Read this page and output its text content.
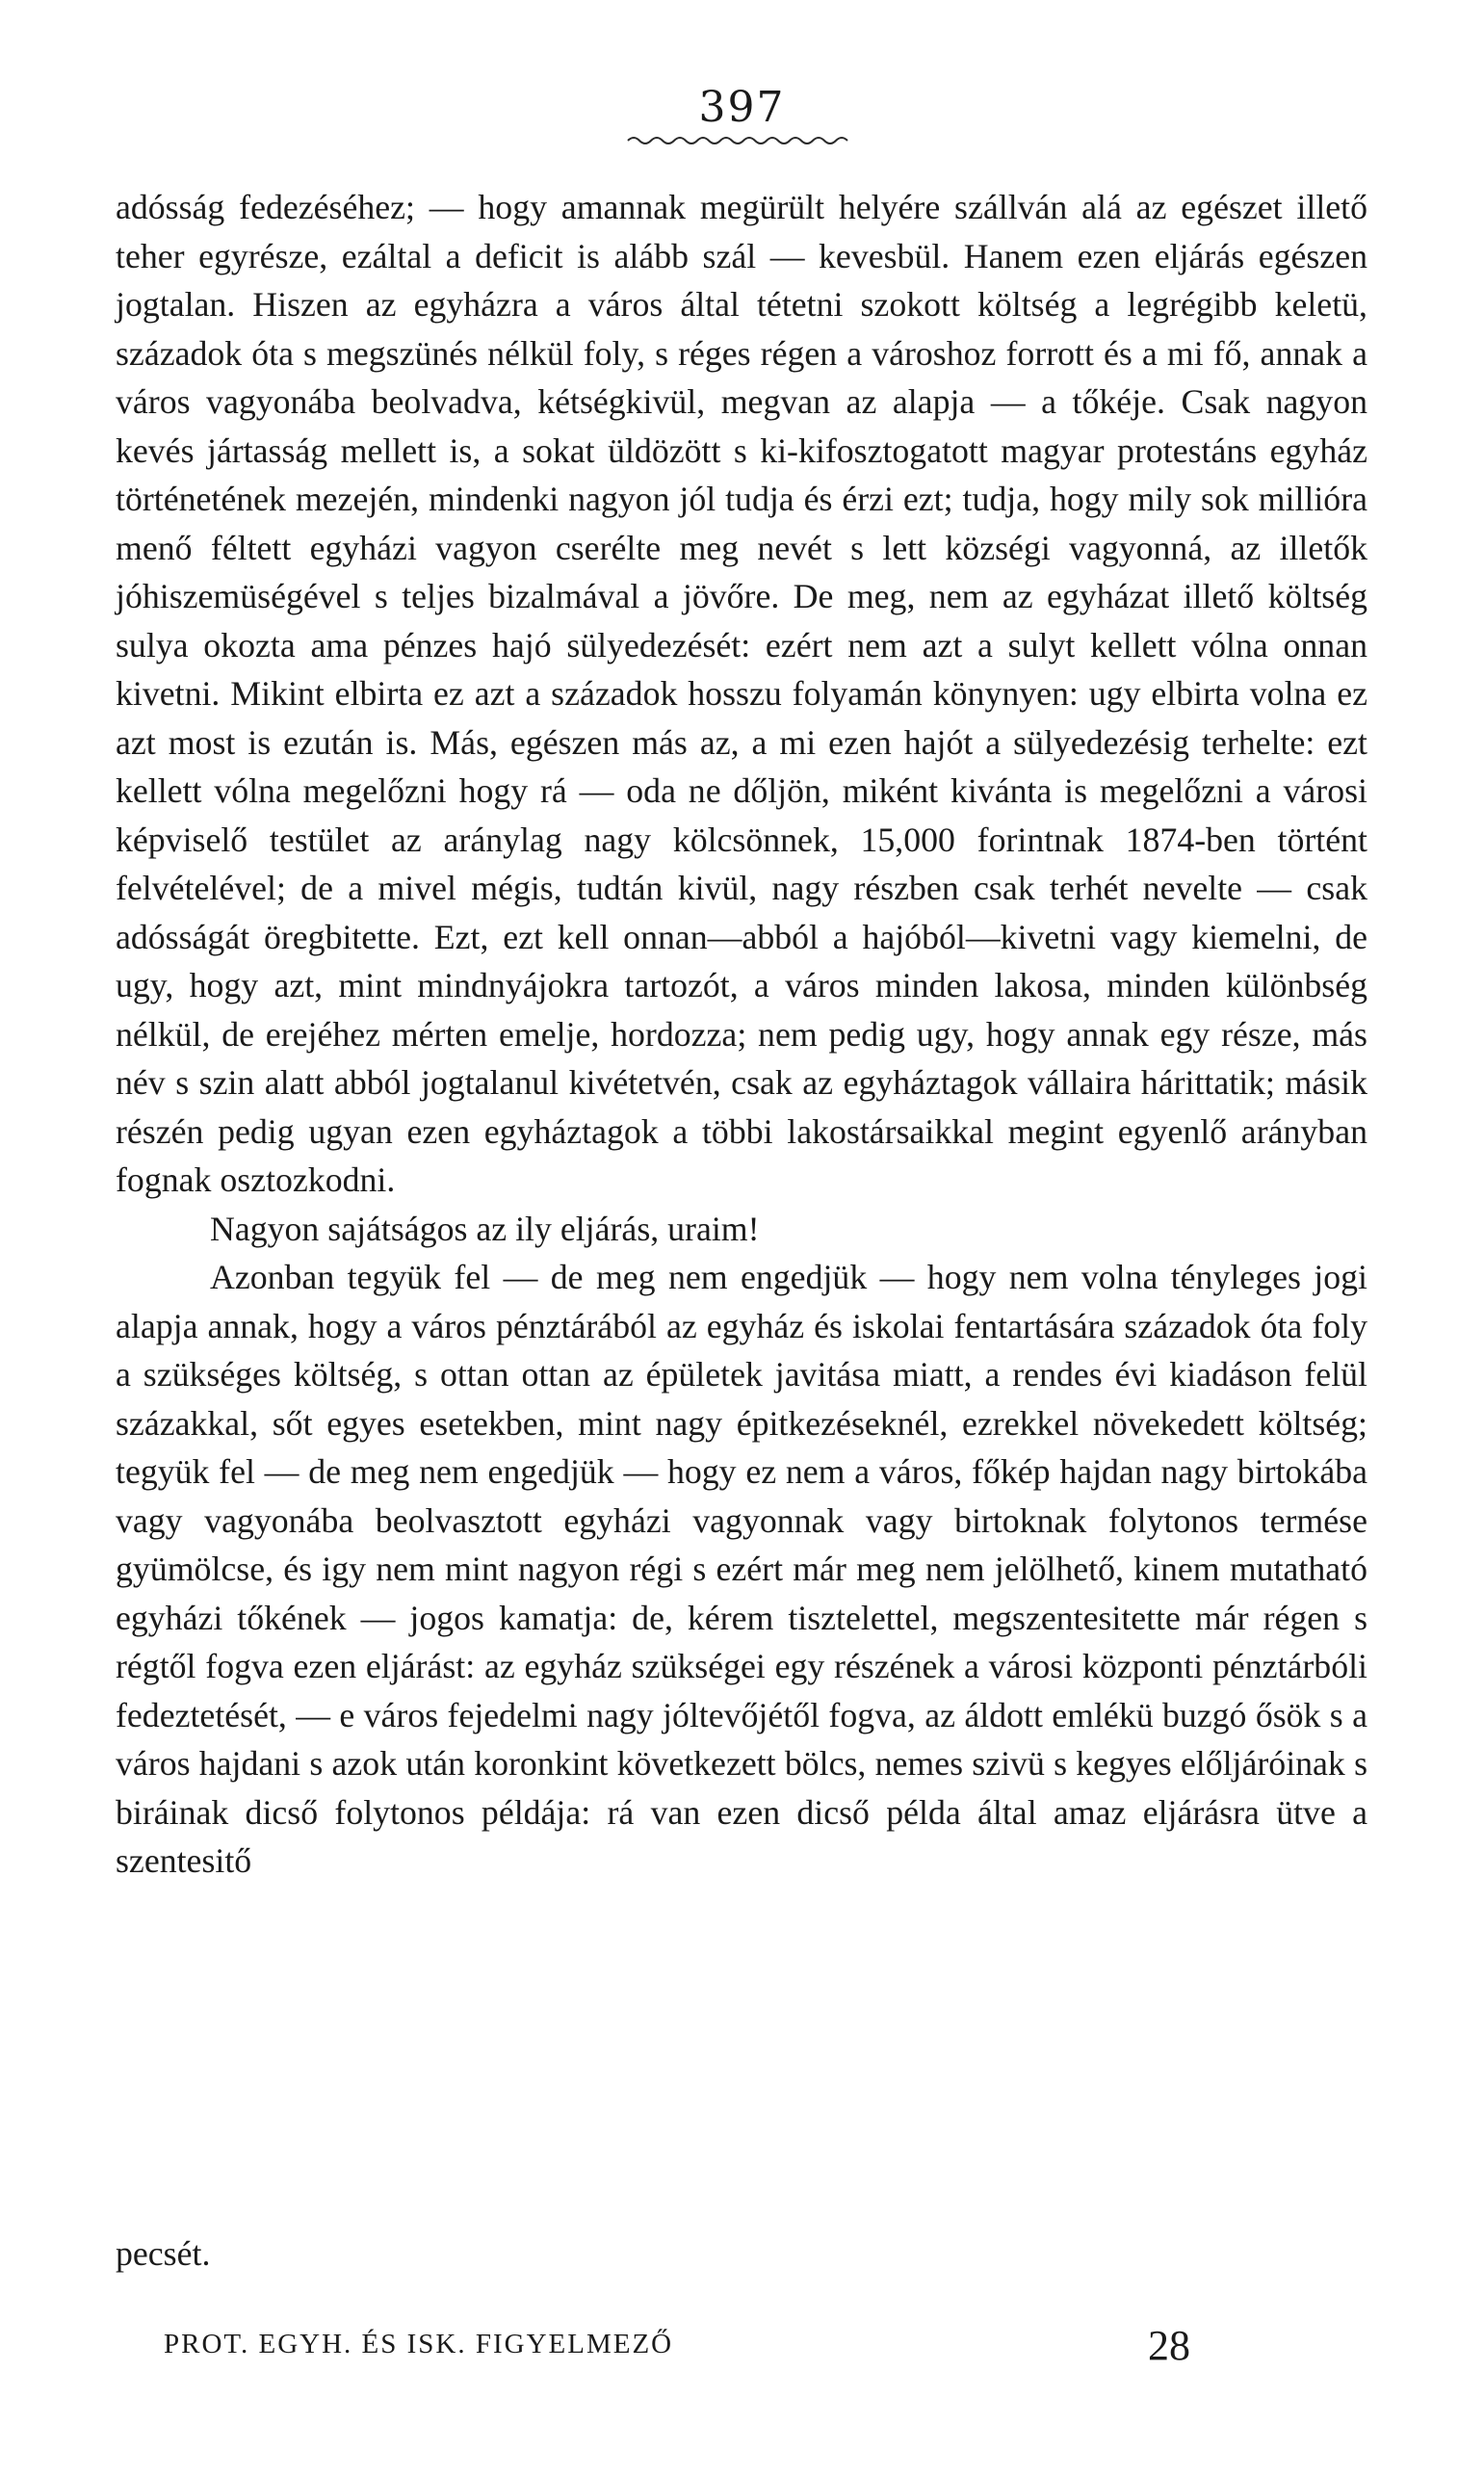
397

adósság fedezéséhez; — hogy amannak megürült helyére szállván alá az egészet illető teher egyrésze, ezáltal a deficit is alább szál — kevesbül. Hanem ezen eljárás egészen jogtalan. Hiszen az egyházra a város által tétetni szokott költség a legrégibb keletü, századok óta s megszünés nélkül foly, s réges régen a városhoz forrott és a mi fő, annak a város vagyonába beolvadva, kétségkivül, megvan az alapja — a tőkéje. Csak nagyon kevés jártasság mellett is, a sokat üldözött s ki-kifosztogatott magyar protestáns egyház történetének mezején, mindenki nagyon jól tudja és érzi ezt; tudja, hogy mily sok millióra menő féltett egyházi vagyon cserélte meg nevét s lett községi vagyonná, az illetők jóhiszemüségével s teljes bizalmával a jövőre. De meg, nem az egyházat illető költség sulya okozta ama pénzes hajó sülyedezését: ezért nem azt a sulyt kellett vólna onnan kivetni. Mikint elbirta ez azt a századok hosszu folyamán könynyen: ugy elbirta volna ez azt most is ezután is. Más, egészen más az, a mi ezen hajót a sülyedezésig terhelte: ezt kellett vólna megelőzni hogy rá — oda ne dőljön, miként kivánta is megelőzni a városi képviselő testület az aránylag nagy kölcsönnek, 15,000 forintnak 1874-ben történt felvételével; de a mivel mégis, tudtán kivül, nagy részben csak terhét nevelte — csak adósságát öregbitette. Ezt, ezt kell onnan—abból a hajóból—kivetni vagy kiemelni, de ugy, hogy azt, mint mindnyájokra tartozót, a város minden lakosa, minden különbség nélkül, de erejéhez mérten emelje, hordozza; nem pedig ugy, hogy annak egy része, más név s szin alatt abból jogtalanul kivétetvén, csak az egyháztagok vállaira hárittatik; másik részén pedig ugyan ezen egyháztagok a többi lakostársaikkal megint egyenlő arányban fognak osztozkodni.

Nagyon sajátságos az ily eljárás, uraim!

Azonban tegyük fel — de meg nem engedjük — hogy nem volna tényleges jogi alapja annak, hogy a város pénztárából az egyház és iskolai fentartására századok óta foly a szükséges költség, s ottan ottan az épületek javitása miatt, a rendes évi kiadáson felül százakkal, sőt egyes esetekben, mint nagy épitkezéseknél, ezrekkel növekedett költség; tegyük fel — de meg nem engedjük — hogy ez nem a város, főkép hajdan nagy birtokába vagy vagyonába beolvasztott egyházi vagyonnak vagy birtoknak folytonos termése gyümölcse, és igy nem mint nagyon régi s ezért már meg nem jelölhető, kinem mutatható egyházi tőkének — jogos kamatja: de, kérem tisztelettel, megszentesitette már régen s régtől fogva ezen eljárást: az egyház szükségei egy részének a városi központi pénztárbóli fedeztetését, — e város fejedelmi nagy jóltevőjétől fogva, az áldott emlékü buzgó ősök s a város hajdani s azok után koronkint következett bölcs, nemes szivü s kegyes előljáróinak s biráinak dicső folytonos példája: rá van ezen dicső példa által amaz eljárásra ütve a szentesitő

pecsét.
PROT. EGYH. ÉS ISK. FIGYELMEZŐ	28
